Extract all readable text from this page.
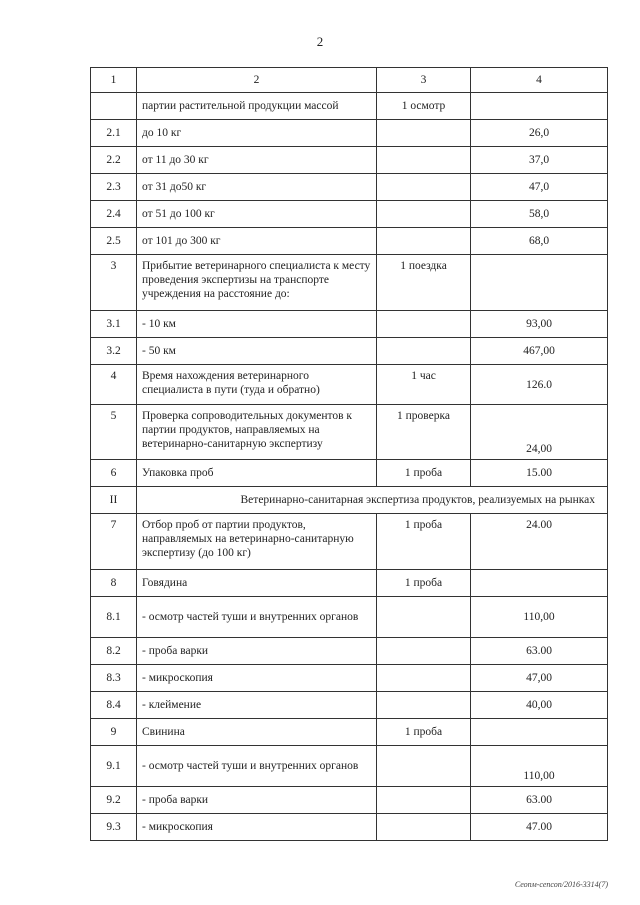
2
1	2	3	4
	партии растительной продукции массой	1 осмотр	
2.1	до 10 кг		26,0
2.2	от 11 до 30 кг		37,0
2.3	от 31 до50 кг		47,0
2.4	от 51 до 100 кг		58,0
2.5	от 101 до 300 кг		68,0
3	Прибытие ветеринарного специалиста к месту проведения экспертизы на транспорте учреждения на расстояние до:	1 поездка	
3.1	- 10 км		93,00
3.2	- 50 км		467,00
4	Время нахождения ветеринарного специалиста в пути (туда и обратно)	1 час	126.0
5	Проверка сопроводительных документов к партии продуктов, направляемых на ветеринарно-санитарную экспертизу	1 проверка	24,00
6	Упаковка проб	1 проба	15.00
II	Ветеринарно-санитарная экспертиза продуктов, реализуемых на рынках		
7	Отбор проб от партии продуктов, направляемых на ветеринарно-санитарную экспертизу (до 100 кг)	1 проба	24.00
8	Говядина	1 проба	
8.1	- осмотр частей туши и внутренних органов		110,00
8.2	- проба варки		63.00
8.3	- микроскопия		47,00
8.4	- клеймение		40,00
9	Свинина	1 проба	
9.1	- осмотр частей туши и внутренних органов		110,00
9.2	- проба варки		63.00
9.3	- микроскопия		47.00
Сеопм-сепсоп/2016-3314(7)
